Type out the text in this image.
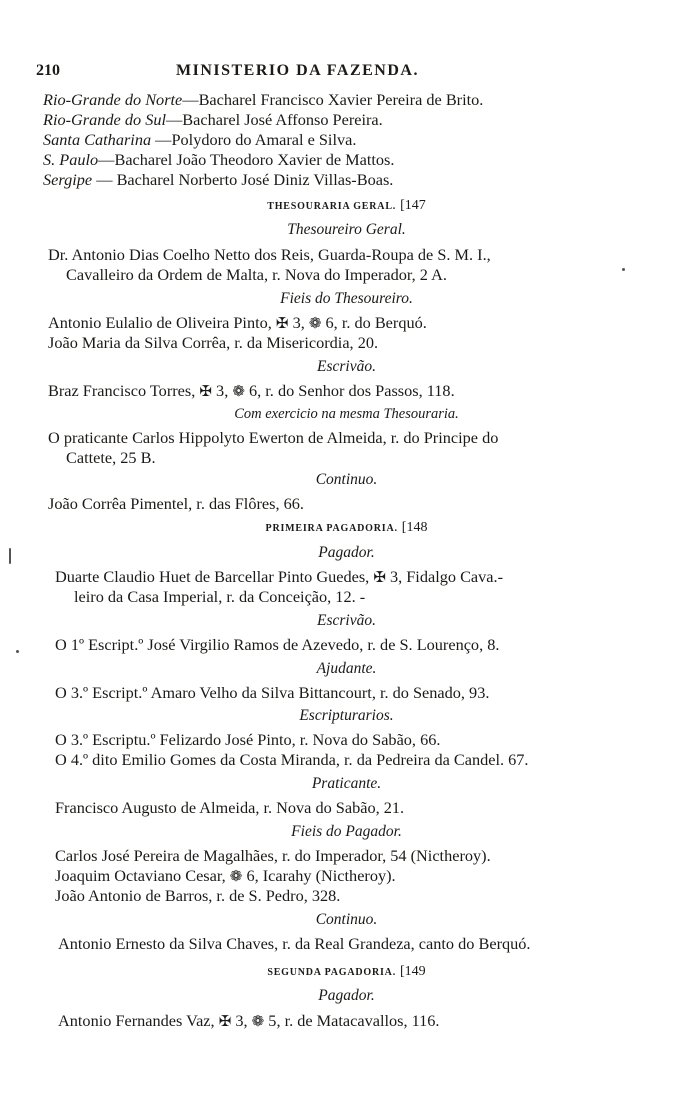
210	MINISTERIO DA FAZENDA.
Rio-Grande do Norte—Bacharel Francisco Xavier Pereira de Brito.
Rio-Grande do Sul—Bacharel José Affonso Pereira.
Santa Catharina —Polydoro do Amaral e Silva.
S. Paulo—Bacharel João Theodoro Xavier de Mattos.
Sergipe — Bacharel Norberto José Diniz Villas-Boas.
THESOURARIA GERAL. [147
Thesoureiro Geral.
Dr. Antonio Dias Coelho Netto dos Reis, Guarda-Roupa de S. M. I.,
Cavalleiro da Ordem de Malta, r. Nova do Imperador, 2 A.
Fieis do Thesoureiro.
Antonio Eulalio de Oliveira Pinto, ✠ 3, ❁ 6, r. do Berquó.
João Maria da Silva Corrêa, r. da Misericordia, 20.
Escrivão.
Braz Francisco Torres, ✠ 3, ❁ 6, r. do Senhor dos Passos, 118.
Com exercicio na mesma Thesouraria.
O praticante Carlos Hippolyto Ewerton de Almeida, r. do Principe do
Cattete, 25 B.
Continuo.
João Corrêa Pimentel, r. das Flôres, 66.
PRIMEIRA PAGADORIA. [148
Pagador.
Duarte Claudio Huet de Barcellar Pinto Guedes, ✠ 3, Fidalgo Cava.-
leiro da Casa Imperial, r. da Conceição, 12. -
Escrivão.
O 1º Escript.º José Virgilio Ramos de Azevedo, r. de S. Lourenço, 8.
Ajudante.
O 3.º Escript.º Amaro Velho da Silva Bittancourt, r. do Senado, 93.
Escripturarios.
O 3.º Escriptu.º Felizardo José Pinto, r. Nova do Sabão, 66.
O 4.º dito Emilio Gomes da Costa Miranda, r. da Pedreira da Candel. 67.
Praticante.
Francisco Augusto de Almeida, r. Nova do Sabão, 21.
Fieis do Pagador.
Carlos José Pereira de Magalhães, r. do Imperador, 54 (Nictheroy).
Joaquim Octaviano Cesar, ❁ 6, Icarahy (Nictheroy).
João Antonio de Barros, r. de S. Pedro, 328.
Continuo.
Antonio Ernesto da Silva Chaves, r. da Real Grandeza, canto do Berquó.
SEGUNDA PAGADORIA. [149
Pagador.
Antonio Fernandes Vaz, ✠ 3, ❁ 5, r. de Matacavallos, 116.
